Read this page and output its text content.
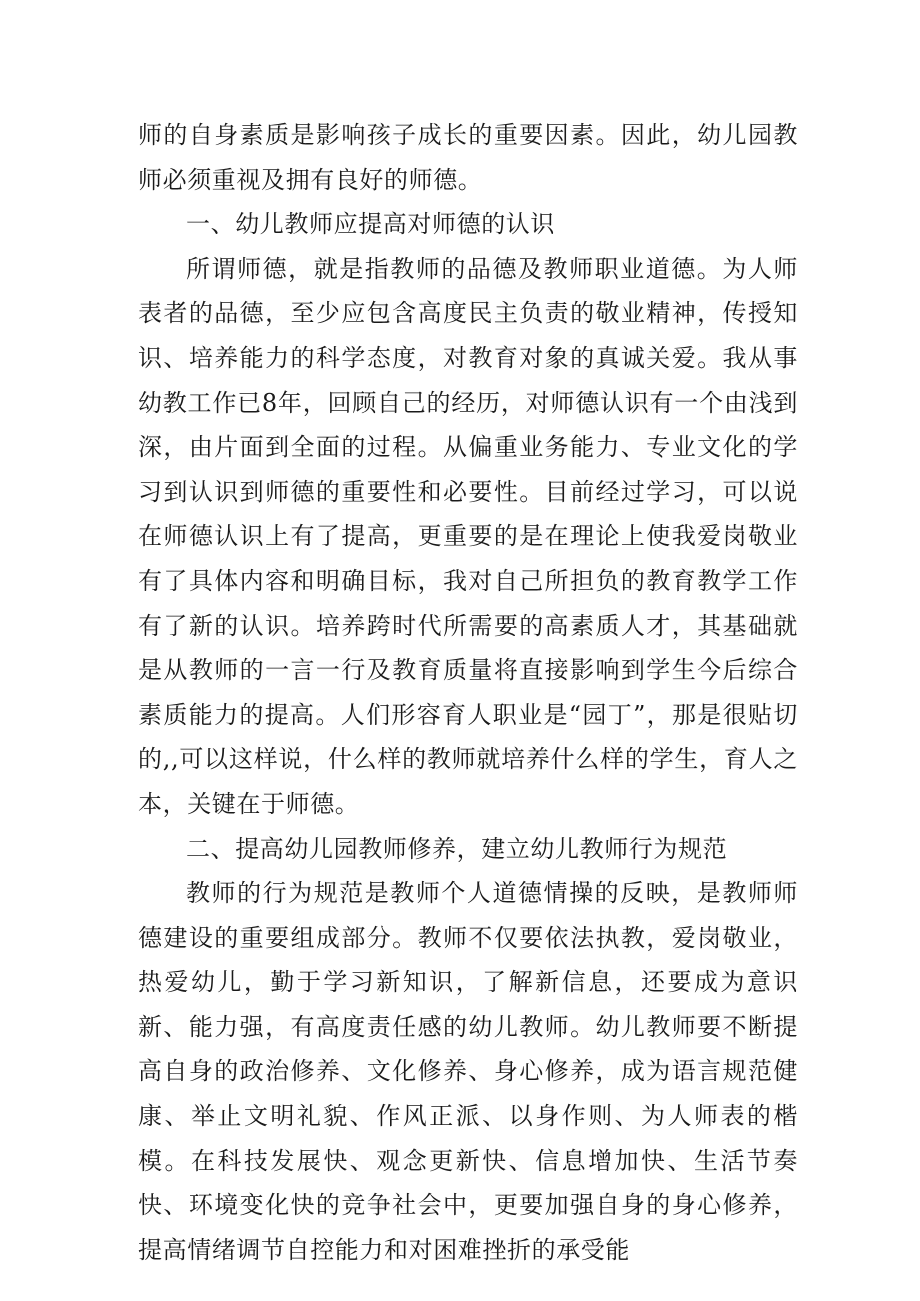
师的自身素质是影响孩子成长的重要因素。因此，幼儿园教师必须重视及拥有良好的师德。

一、幼儿教师应提高对师德的认识

所谓师德，就是指教师的品德及教师职业道德。为人师表者的品德，至少应包含高度民主负责的敬业精神，传授知识、培养能力的科学态度，对教育对象的真诚关爱。我从事幼教工作已8年，回顾自己的经历，对师德认识有一个由浅到深，由片面到全面的过程。从偏重业务能力、专业文化的学习到认识到师德的重要性和必要性。目前经过学习，可以说在师德认识上有了提高，更重要的是在理论上使我爱岗敬业有了具体内容和明确目标，我对自己所担负的教育教学工作有了新的认识。培养跨时代所需要的高素质人才，其基础就是从教师的一言一行及教育质量将直接影响到学生今后综合素质能力的提高。人们形容育人职业是“园丁”，那是很贴切的,,可以这样说，什么样的教师就培养什么样的学生，育人之本，关键在于师德。

二、提高幼儿园教师修养，建立幼儿教师行为规范

教师的行为规范是教师个人道德情操的反映，是教师师德建设的重要组成部分。教师不仅要依法执教，爱岗敬业，热爱幼儿，勤于学习新知识，了解新信息，还要成为意识新、能力强，有高度责任感的幼儿教师。幼儿教师要不断提高自身的政治修养、文化修养、身心修养，成为语言规范健康、举止文明礼貌、作风正派、以身作则、为人师表的楷模。在科技发展快、观念更新快、信息增加快、生活节奏快、环境变化快的竞争社会中，更要加强自身的身心修养，提高情绪调节自控能力和对困难挫折的承受能
